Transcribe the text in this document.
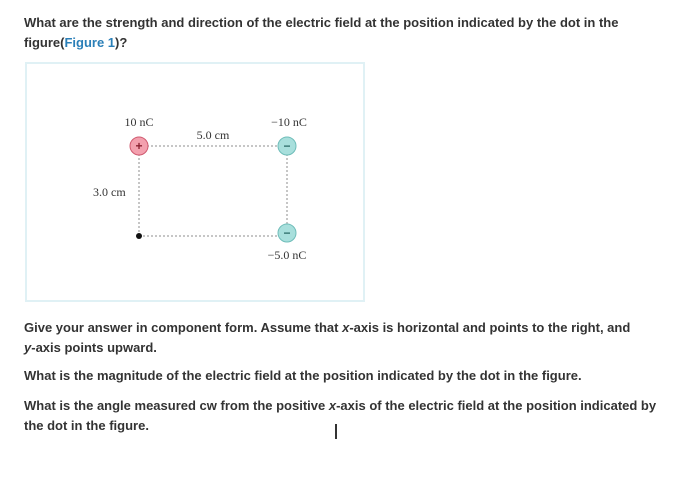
What are the strength and direction of the electric field at the position indicated by the dot in the figure(Figure 1)?
10 nC
5.0 cm
−10 nC
3.0 cm
−5.0 nC
+	−
−

Give your answer in component form. Assume that x-axis is horizontal and points to the right, and
y-axis points upward.

What is the magnitude of the electric field at the position indicated by the dot in the figure.

What is the angle measured cw from the positive x-axis of the electric field at the position indicated by the dot in the figure.
